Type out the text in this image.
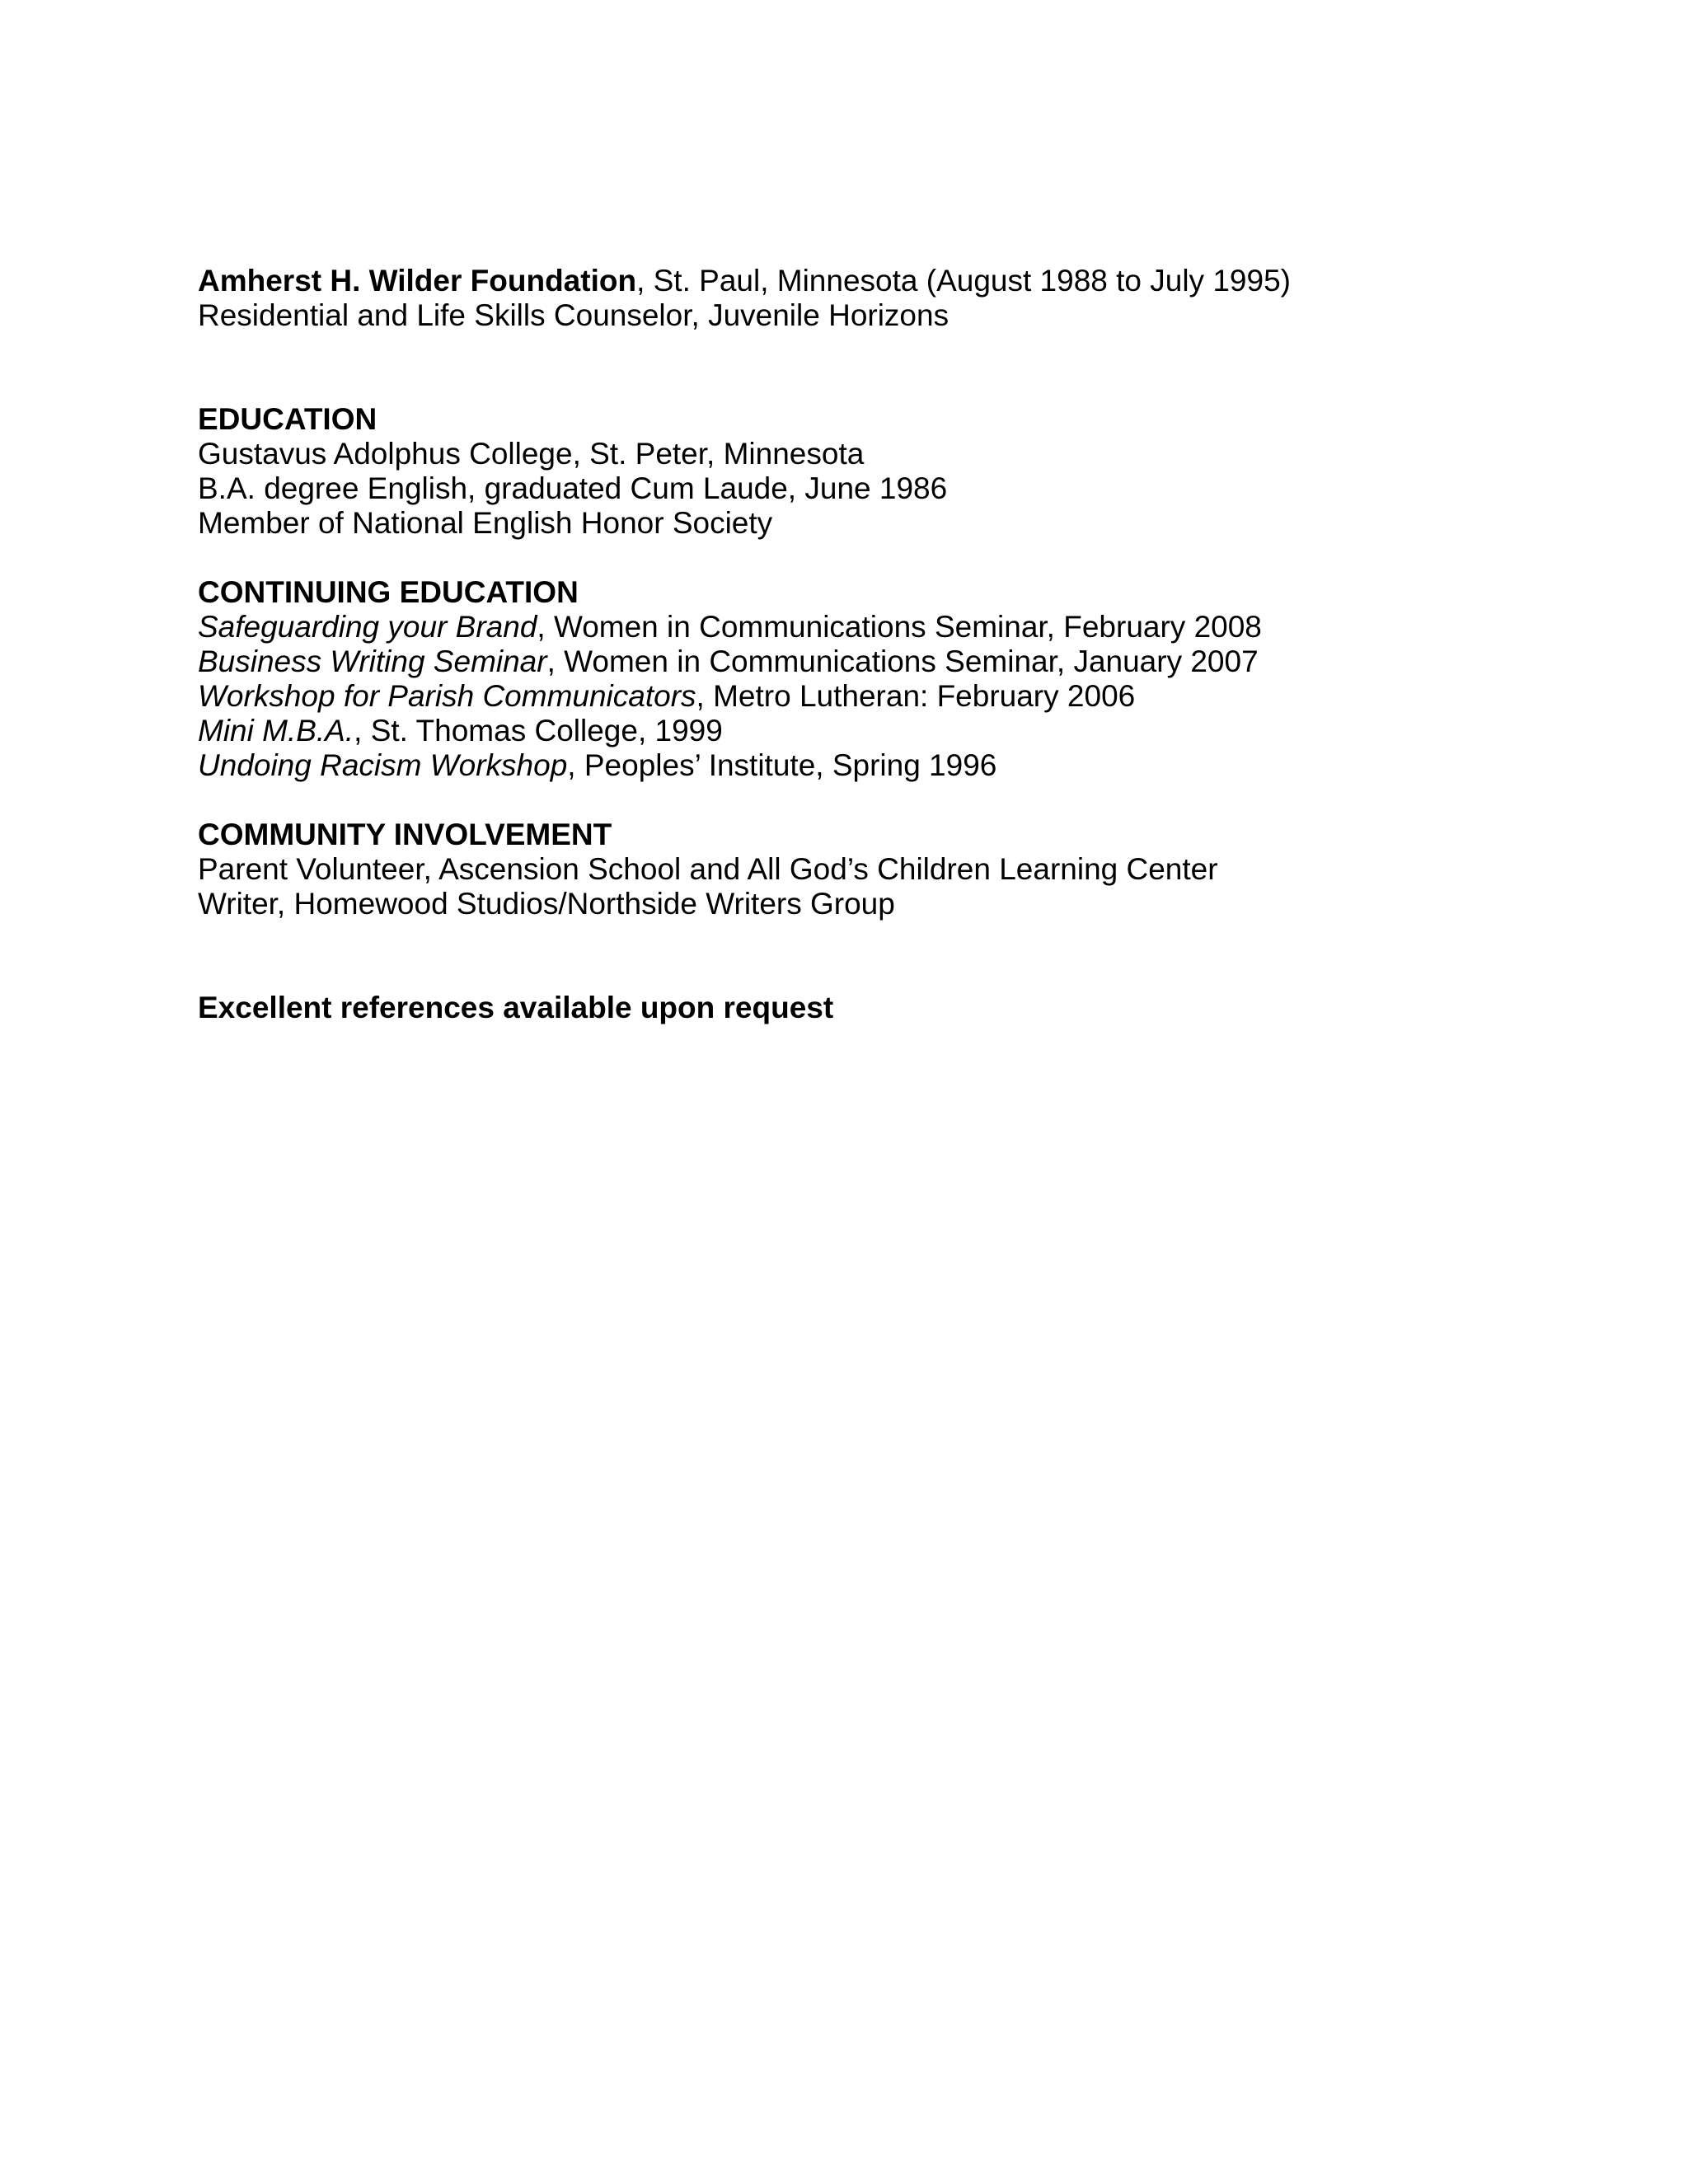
Amherst H. Wilder Foundation, St. Paul, Minnesota (August 1988 to July 1995)
Residential and Life Skills Counselor, Juvenile Horizons
EDUCATION
Gustavus Adolphus College, St. Peter, Minnesota
B.A. degree English, graduated Cum Laude, June 1986
Member of National English Honor Society
CONTINUING EDUCATION
Safeguarding your Brand, Women in Communications Seminar, February 2008
Business Writing Seminar, Women in Communications Seminar, January 2007
Workshop for Parish Communicators, Metro Lutheran: February 2006
Mini M.B.A., St. Thomas College, 1999
Undoing Racism Workshop, Peoples’ Institute, Spring 1996
COMMUNITY INVOLVEMENT
Parent Volunteer, Ascension School and All God’s Children Learning Center
Writer, Homewood Studios/Northside Writers Group
Excellent references available upon request
